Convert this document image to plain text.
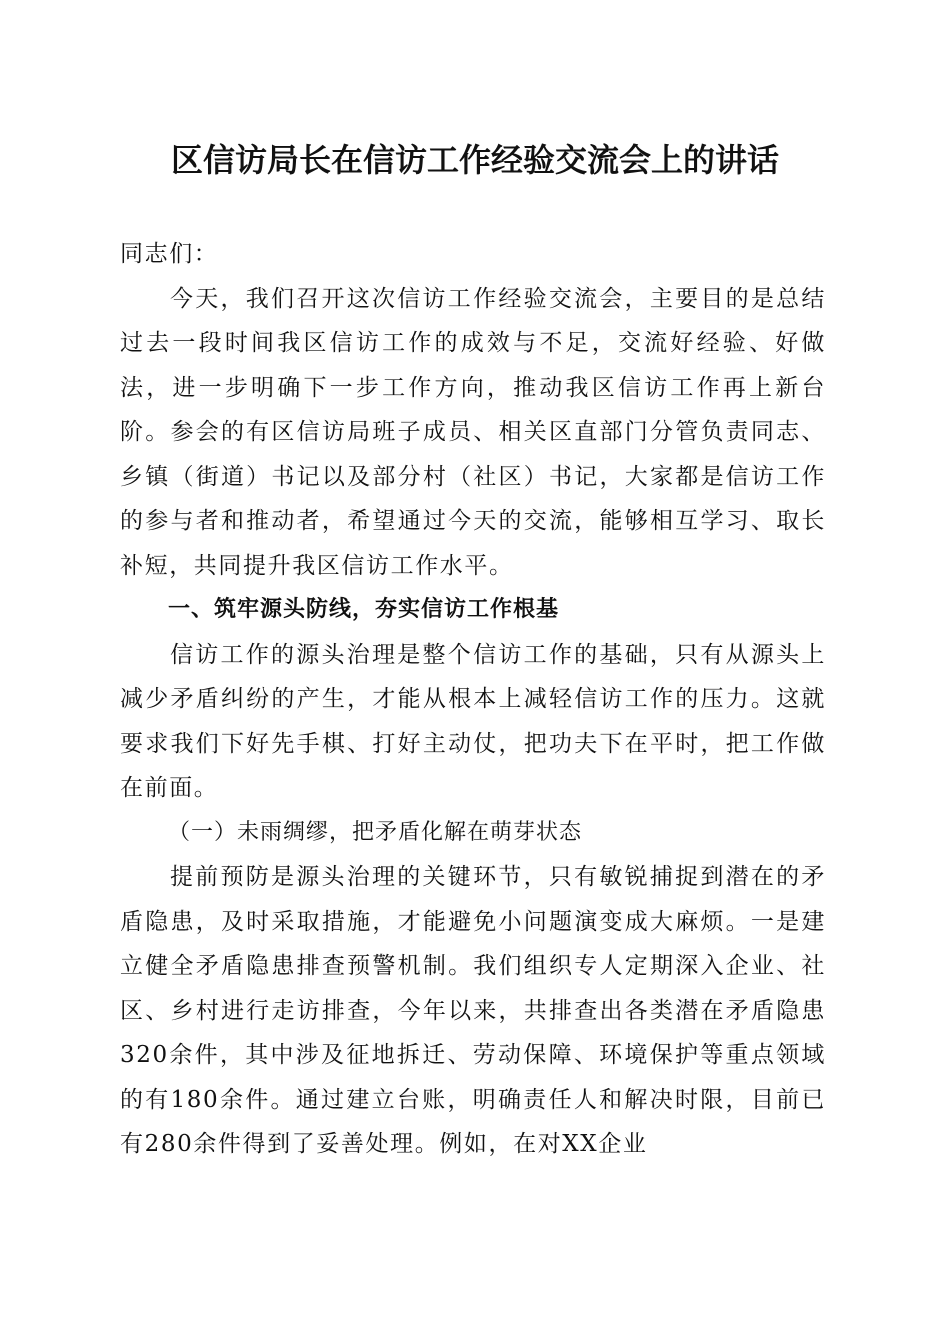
区信访局长在信访工作经验交流会上的讲话

同志们：

今天，我们召开这次信访工作经验交流会，主要目的是总结过去一段时间我区信访工作的成效与不足，交流好经验、好做法，进一步明确下一步工作方向，推动我区信访工作再上新台阶。参会的有区信访局班子成员、相关区直部门分管负责同志、乡镇（街道）书记以及部分村（社区）书记，大家都是信访工作的参与者和推动者，希望通过今天的交流，能够相互学习、取长补短，共同提升我区信访工作水平。

一、筑牢源头防线，夯实信访工作根基

信访工作的源头治理是整个信访工作的基础，只有从源头上减少矛盾纠纷的产生，才能从根本上减轻信访工作的压力。这就要求我们下好先手棋、打好主动仗，把功夫下在平时，把工作做在前面。

（一）未雨绸缪，把矛盾化解在萌芽状态

提前预防是源头治理的关键环节，只有敏锐捕捉到潜在的矛盾隐患，及时采取措施，才能避免小问题演变成大麻烦。一是建立健全矛盾隐患排查预警机制。我们组织专人定期深入企业、社区、乡村进行走访排查，今年以来，共排查出各类潜在矛盾隐患320余件，其中涉及征地拆迁、劳动保障、环境保护等重点领域的有180余件。通过建立台账，明确责任人和解决时限，目前已有280余件得到了妥善处理。例如，在对XX企业
